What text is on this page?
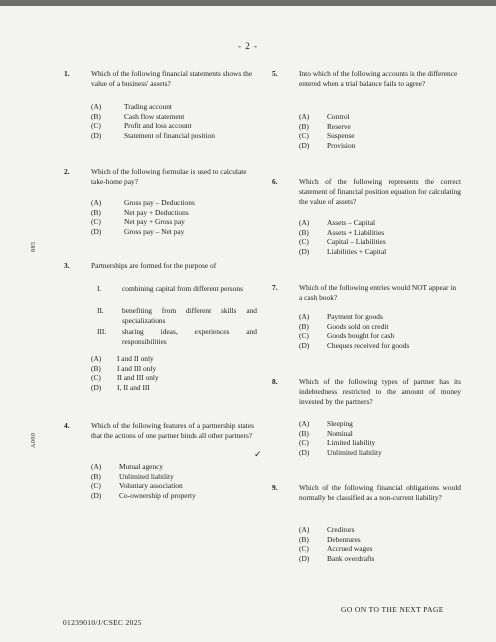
- 2 -
885
A000
1.	Which of the following financial statements shows the value of a business' assets?
(A)	Trading account
(B)	Cash flow statement
(C)	Profit and loss account
(D)	Statement of financial position
2.	Which of the following formulae is used to calculate take-home pay?
(A)	Gross pay – Deductions
(B)	Net pay + Deductions
(C)	Net pay + Gross pay
(D)	Gross pay – Net pay
3.	Partnerships are formed for the purpose of
I.	combining capital from different persons
II. benefiting from different skills and specializations
III. sharing ideas, experiences and responsibilities
(A) I and II only
(B) I and III only
(C) II and III only
(D) I, II and III
4.	Which of the following features of a partnership states that the actions of one partner binds all other partners?
(A) Mutual agency
(B) Unlimited liability
(C) Voluntary association
(D) Co-ownership of property
✓
5.	Into which of the following accounts is the difference entered when a trial balance fails to agree?
(A) Control
(B) Reserve
(C) Suspense
(D) Provision
6.	Which of the following represents the correct statement of financial position equation for calculating the value of assets?
(A) Assets – Capital
(B) Assets + Liabilities
(C) Capital – Liabilities
(D) Liabilities + Capital
7.	Which of the following entries would NOT appear in a cash book?
(A) Payment for goods
(B) Goods sold on credit
(C) Goods bought for cash
(D) Cheques received for goods
8.	Which of the following types of partner has its indebtedness restricted to the amount of money invested by the partners?
(A) Sleeping
(B) Nominal
(C) Limited liability
(D) Unlimited liability
9.	Which of the following financial obligations would normally be classified as a non-current liability?
(A) Creditors
(B) Debentures
(C) Accrued wages
(D) Bank overdrafts
GO ON TO THE NEXT PAGE
01239010/J/CSEC 2025
